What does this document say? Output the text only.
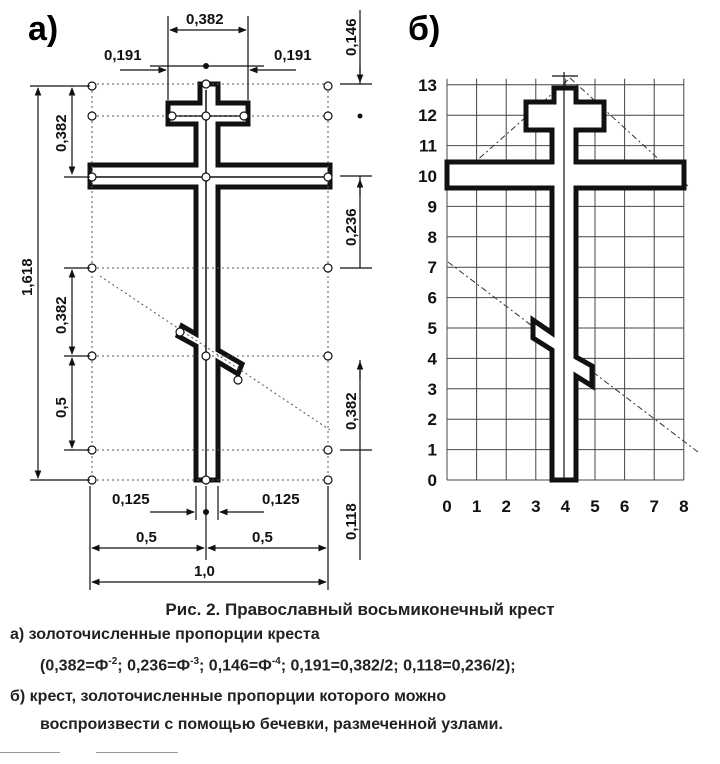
а)	0,382
0,191	0,191
0,125	0,125
0,5	0,5
1,0
0,146
0,236
0,382
0,118
0,382
1,618
0,382
0,5
б)
0
1
2
3
4
5
6
7
8
9
10
11
12
13
0 1 2 3 4 5 6 7 8
Рис. 2. Православный восьмиконечный крест
а) золоточисленные пропорции креста
($0,382=Ф^{-2}$; $0,236=Ф^{-3}$; $0,146=Ф^{-4}$; 0,191=0,382/2; 0,118=0,236/2);
б) крест, золоточисленные пропорции которого можно
воспроизвести с помощью бечевки, размеченной узлами.
